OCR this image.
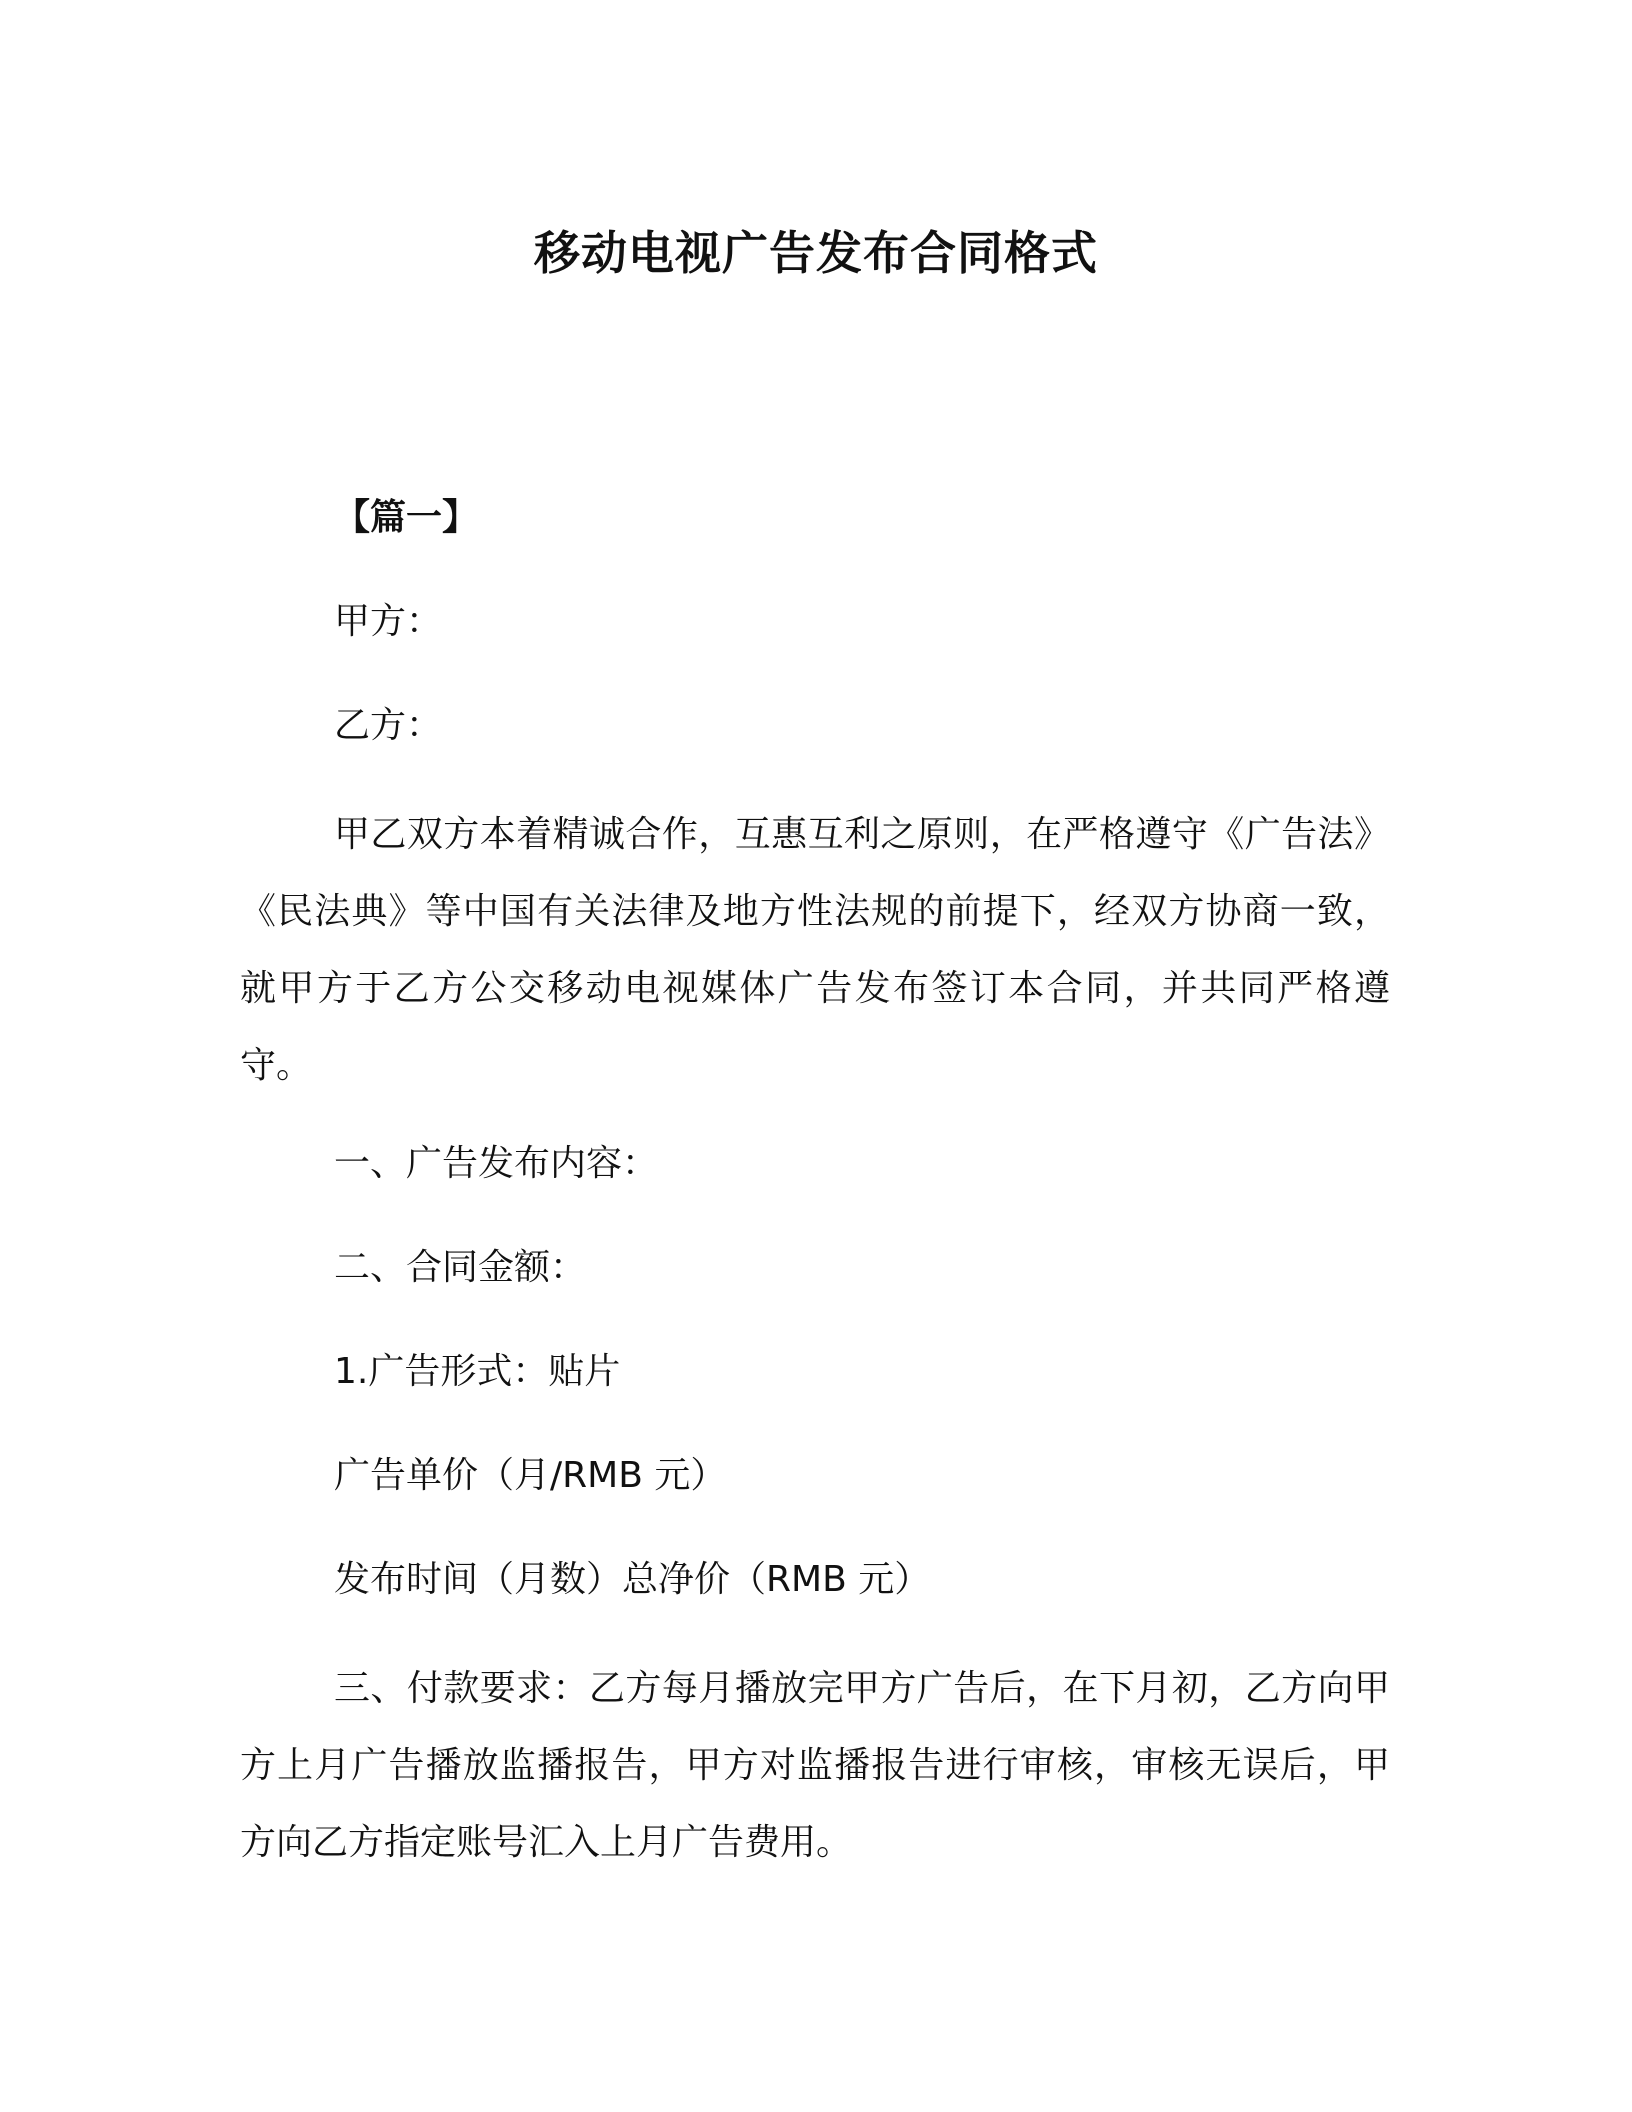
移动电视广告发布合同格式
【篇一】
甲方：
乙方：

甲乙双方本着精诚合作，互惠互利之原则，在严格遵守《广告法》《民法典》等中国有关法律及地方性法规的前提下，经双方协商一致，就甲方于乙方公交移动电视媒体广告发布签订本合同，并共同严格遵守。

一、广告发布内容：
二、合同金额：
1.广告形式：贴片
广告单价（月/RMB 元）
发布时间（月数）总净价（RMB 元）

三、付款要求：乙方每月播放完甲方广告后，在下月初，乙方向甲方上月广告播放监播报告，甲方对监播报告进行审核，审核无误后，甲方向乙方指定账号汇入上月广告费用。
